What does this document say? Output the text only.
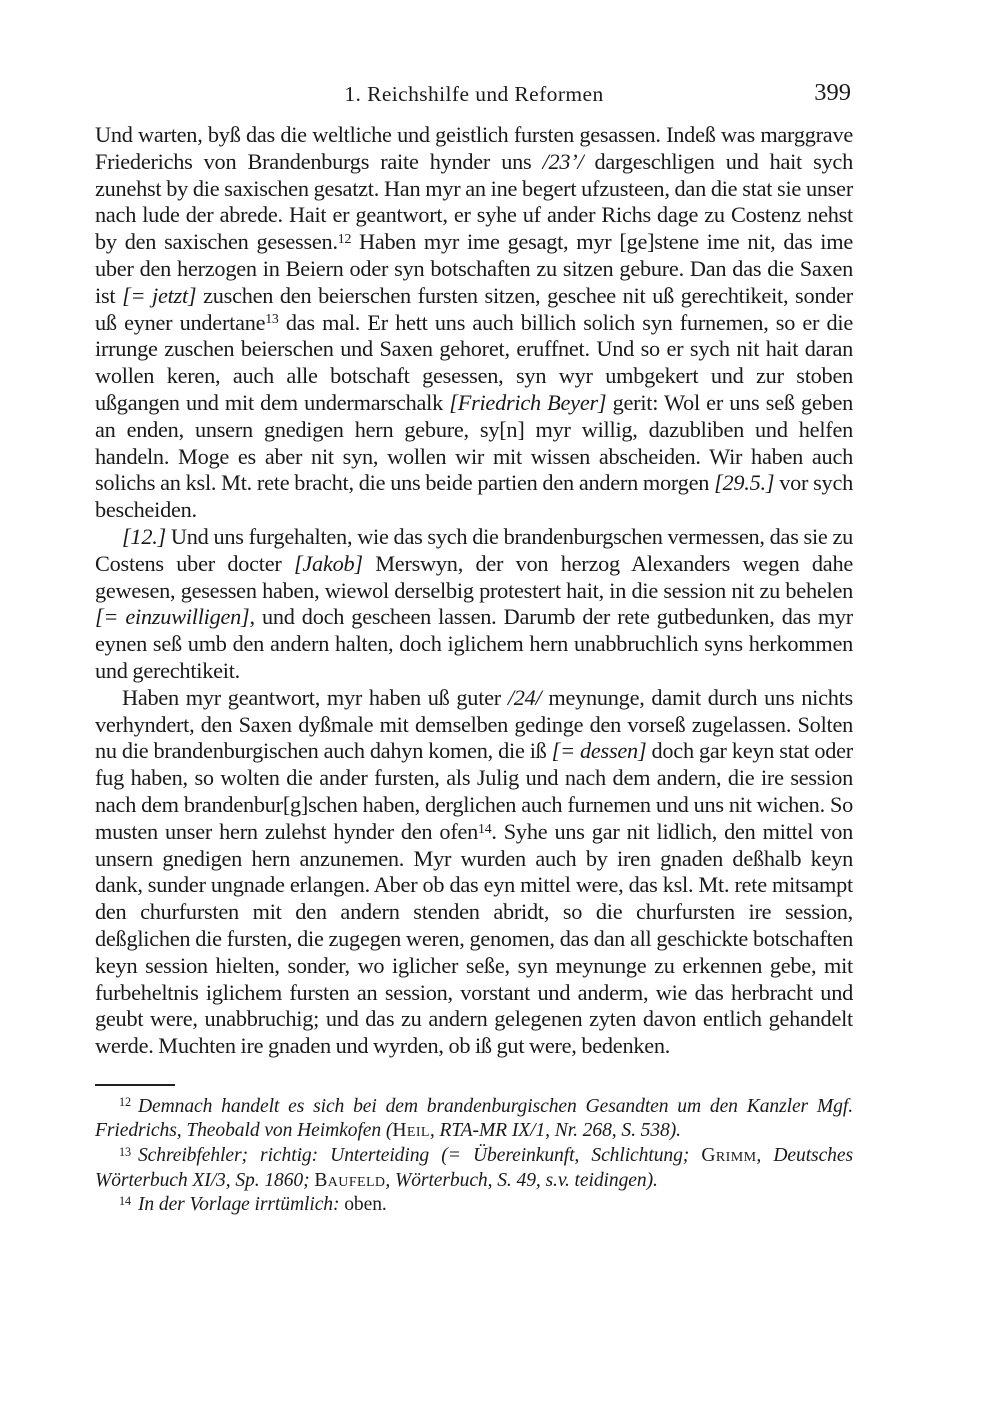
1. Reichshilfe und Reformen	399

Und warten, byß das die weltliche und geistlich fursten gesassen. Indeß was marggrave Friederichs von Brandenburgs raite hynder uns /23’/ dargeschligen und hait sych zunehst by die saxischen gesatzt. Han myr an ine begert ufzusteen, dan die stat sie unser nach lude der abrede. Hait er geantwort, er syhe uf ander Richs dage zu Costenz nehst by den saxischen gesessen.$^{12}$ Haben myr ime gesagt, myr [ge]stene ime nit, das ime uber den herzogen in Beiern oder syn botschaften zu sitzen gebure. Dan das die Saxen ist [= jetzt] zuschen den beierschen fursten sitzen, geschee nit uß gerechtikeit, sonder uß eyner undertane$^{13}$ das mal. Er hett uns auch billich solich syn furnemen, so er die irrunge zuschen beierschen und Saxen gehoret, eruffnet. Und so er sych nit hait daran wollen keren, auch alle botschaft gesessen, syn wyr umbgekert und zur stoben ußgangen und mit dem undermarschalk [Friedrich Beyer] gerit: Wol er uns seß geben an enden, unsern gnedigen hern gebure, sy[n] myr willig, dazubliben und helfen handeln. Moge es aber nit syn, wollen wir mit wissen abscheiden. Wir haben auch solichs an ksl. Mt. rete bracht, die uns beide partien den andern morgen [29.5.] vor sych bescheiden.

[12.] Und uns furgehalten, wie das sych die brandenburgschen vermessen, das sie zu Costens uber docter [Jakob] Merswyn, der von herzog Alexanders wegen dahe gewesen, gesessen haben, wiewol derselbig protestert hait, in die session nit zu behelen [= einzuwilligen], und doch gescheen lassen. Darumb der rete gutbedunken, das myr eynen seß umb den andern halten, doch iglichem hern unabbruchlich syns herkommen und gerechtikeit.

Haben myr geantwort, myr haben uß guter /24/ meynunge, damit durch uns nichts verhyndert, den Saxen dyßmale mit demselben gedinge den vorseß zugelassen. Solten nu die brandenburgischen auch dahyn komen, die iß [= dessen] doch gar keyn stat oder fug haben, so wolten die ander fursten, als Julig und nach dem andern, die ire session nach dem brandenbur[g]schen haben, derglichen auch furnemen und uns nit wichen. So musten unser hern zulehst hynder den ofen$^{14}$. Syhe uns gar nit lidlich, den mittel von unsern gnedigen hern anzunemen. Myr wurden auch by iren gnaden deßhalb keyn dank, sunder ungnade erlangen. Aber ob das eyn mittel were, das ksl. Mt. rete mitsampt den churfursten mit den andern stenden abridt, so die churfursten ire session, deßglichen die fursten, die zugegen weren, genomen, das dan all geschickte botschaften keyn session hielten, sonder, wo iglicher seße, syn meynunge zu erkennen gebe, mit furbeheltnis iglichem fursten an session, vorstant und anderm, wie das herbracht und geubt were, unabbruchig; und das zu andern gelegenen zyten davon entlich gehandelt werde. Muchten ire gnaden und wyrden, ob iß gut were, bedenken.

$^{12}$ Demnach handelt es sich bei dem brandenburgischen Gesandten um den Kanzler Mgf. Friedrichs, Theobald von Heimkofen (Heil, RTA-MR IX/1, Nr. 268, S. 538).

$^{13}$ Schreibfehler; richtig: Unterteiding (= Übereinkunft, Schlichtung; Grimm, Deutsches Wörterbuch XI/3, Sp. 1860; Baufeld, Wörterbuch, S. 49, s.v. teidingen).

$^{14}$ In der Vorlage irrtümlich: oben.
